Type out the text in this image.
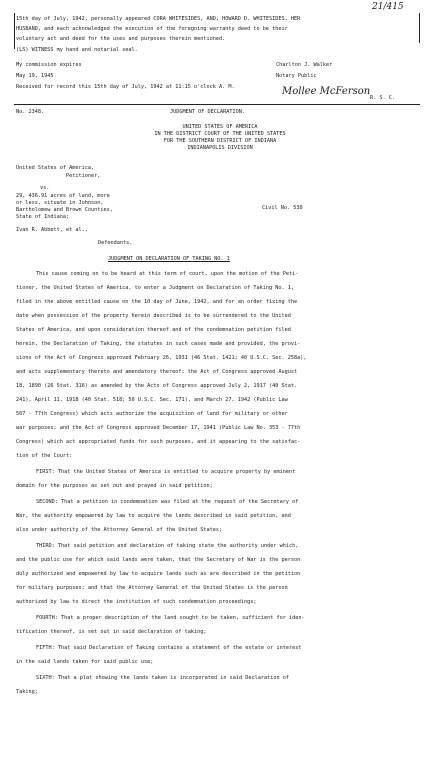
21/415
15th day of July, 1942, personally appeared CORA WHITESIDES, AND, HOWARD D. WHITESIDES, HER
HUSBAND, and each acknowledged the execution of the foregoing warranty deed to be their
voluntary act and deed for the uses and purposes therein mentioned.
(LS) WITNESS my hand and notarial seal.
My commission expires	Charlton J. Walker
May 19, 1945	Notary Public
Received for record this 15th day of July, 1942 at 11:15 o'clock A. M.	Mollee McFerson
R. S. C.
No. 2348.	JUDGMENT OF DECLARATION.
UNITED STATES OF AMERICA
IN THE DISTRICT COURT OF THE UNITED STATES
FOR THE SOUTHERN DISTRICT OF INDIANA
INDIANAPOLIS DIVISION
United States of America,
Petitioner,
vs.
29, 436.91 acres of land, more
or less, situate in Johnson,
Bartholomew and Brown Counties,
State of Indiana;
Civil No. 530
Ivan R. Abbett, et al.,
Defendants.
JUDGMENT ON DECLARATION OF TAKING NO. 1
This cause coming on to be heard at this term of court, upon the motion of the Peti-
tioner, the United States of America, to enter a Judgment on Declaration of Taking No. 1,
filed in the above entitled cause on the 10 day of June, 1942, and for an order fixing the
date when possession of the property herein described is to be surrendered to the United
States of America, and upon consideration thereof and of the condemnation petition filed
herein, the Declaration of Taking, the statutes in such cases made and provided, the provi-
sions of the Act of Congress approved February 26, 1931 (46 Stat. 1421; 40 U.S.C. Sec. 258a),
and acts supplementary thereto and amendatory thereof; the Act of Congress approved August
18, 1890 (26 Stat. 316) as amended by the Acts of Congress approved July 2, 1917 (40 Stat.
241), April 11, 1918 (40 Stat. 518; 50 U.S.C. Sec. 171), and March 27, 1942 (Public Law
507 - 77th Congress) which acts authorize the acquisition of land for military or other
war purposes; and the Act of Congress approved December 17, 1941 (Public Law No. 353 - 77th
Congress) which act appropriated funds for such purposes, and it appearing to the satisfac-
tion of the Court:
FIRST: That the United States of America is entitled to acquire property by eminent
domain for the purposes as set out and prayed in said petition;
SECOND: That a petition in condemnation was filed at the request of the Secretary of
War, the authority empowered by law to acquire the lands described in said petition, and
also under authority of the Attorney General of the United States;
THIRD: That said petition and declaration of taking state the authority under which,
and the public use for which said lands were taken, that the Secretary of War is the person
duly authorized and empowered by law to acquire lands such as are described in the petition
for military purposes; and that the Attorney General of the United States is the person
authorized by law to direct the institution of such condemnation proceedings;
FOURTH: That a proper description of the land sought to be taken, sufficient for iden-
tification thereof, is set out in said declaration of taking;
FIFTH: That said Declaration of Taking contains a statement of the estate or interest
in the said lands taken for said public use;
SIXTH: That a plat showing the lands taken is incorporated in said Declaration of
Taking;
